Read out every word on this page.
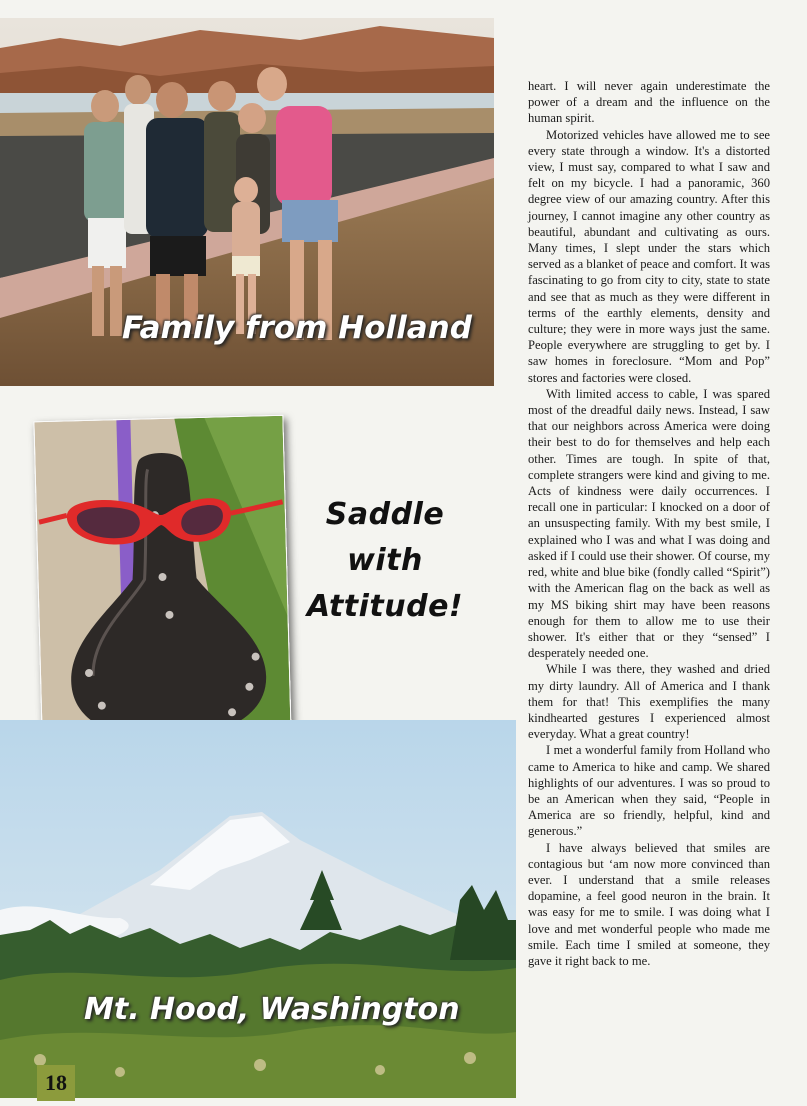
Family from Holland
Saddle
with
Attitude!
Mt. Hood, Washington
18

heart. I will never again underestimate the power of a dream and the influence on the human spirit.

Motorized vehicles have allowed me to see every state through a window. It's a distorted view, I must say, compared to what I saw and felt on my bicycle. I had a panoramic, 360 degree view of our amazing country. After this journey, I cannot imagine any other country as beautiful, abundant and cultivating as ours. Many times, I slept under the stars which served as a blanket of peace and comfort. It was fascinating to go from city to city, state to state and see that as much as they were different in terms of the earthly elements, density and culture; they were in more ways just the same. People everywhere are struggling to get by. I saw homes in foreclosure. “Mom and Pop” stores and factories were closed.

With limited access to cable, I was spared most of the dreadful daily news. Instead, I saw that our neighbors across America were doing their best to do for themselves and help each other. Times are tough. In spite of that, complete strangers were kind and giving to me. Acts of kindness were daily occurrences. I recall one in particular: I knocked on a door of an unsuspecting family. With my best smile, I explained who I was and what I was doing and asked if I could use their shower. Of course, my red, white and blue bike (fondly called “Spirit”) with the American flag on the back as well as my MS biking shirt may have been reasons enough for them to allow me to use their shower. It's either that or they “sensed” I desperately needed one.

While I was there, they washed and dried my dirty laundry. All of America and I thank them for that! This exemplifies the many kindhearted gestures I experienced almost everyday. What a great country!

I met a wonderful family from Holland who came to America to hike and camp. We shared highlights of our adventures. I was so proud to be an American when they said, “People in America are so friendly, helpful, kind and generous.”

I have always believed that smiles are contagious but ‘am now more convinced than ever. I understand that a smile releases dopamine, a feel good neuron in the brain. It was easy for me to smile. I was doing what I love and met wonderful people who made me smile. Each time I smiled at someone, they gave it right back to me.
